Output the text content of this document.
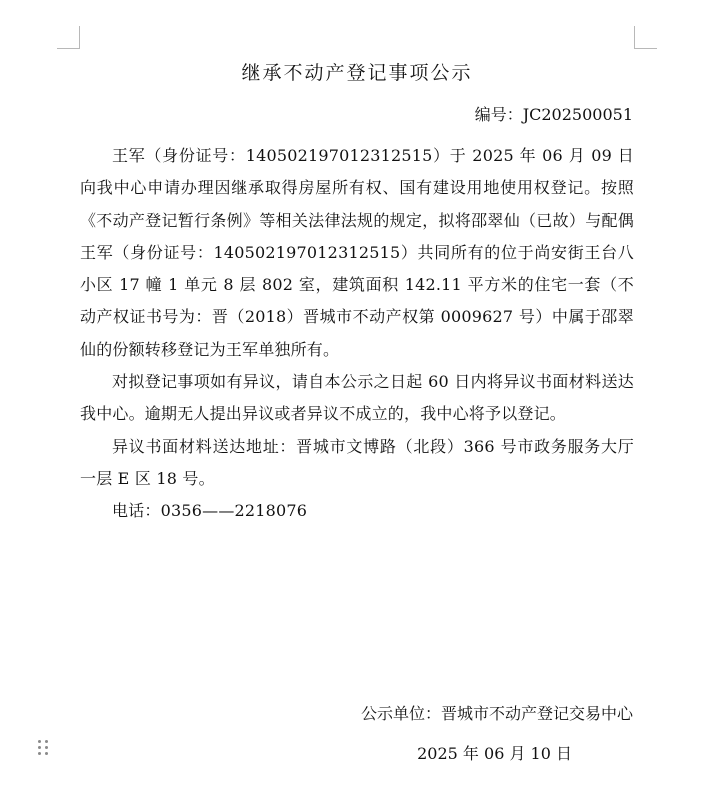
继承不动产登记事项公示
编号：JC202500051

王军（身份证号：140502197012312515）于 2025 年 06 月 09 日向我中心申请办理因继承取得房屋所有权、国有建设用地使用权登记。按照《不动产登记暂行条例》等相关法律法规的规定，拟将邵翠仙（已故）与配偶王军（身份证号：140502197012312515）共同所有的位于尚安街王台八小区 17 幢 1 单元 8 层 802 室，建筑面积 142.11 平方米的住宅一套（不动产权证书号为：晋（2018）晋城市不动产权第 0009627 号）中属于邵翠仙的份额转移登记为王军单独所有。

对拟登记事项如有异议，请自本公示之日起 60 日内将异议书面材料送达我中心。逾期无人提出异议或者异议不成立的，我中心将予以登记。

异议书面材料送达地址：晋城市文博路（北段）366 号市政务服务大厅一层 E 区 18 号。

电话：0356——2218076

公示单位：晋城市不动产登记交易中心
2025 年 06 月 10 日
